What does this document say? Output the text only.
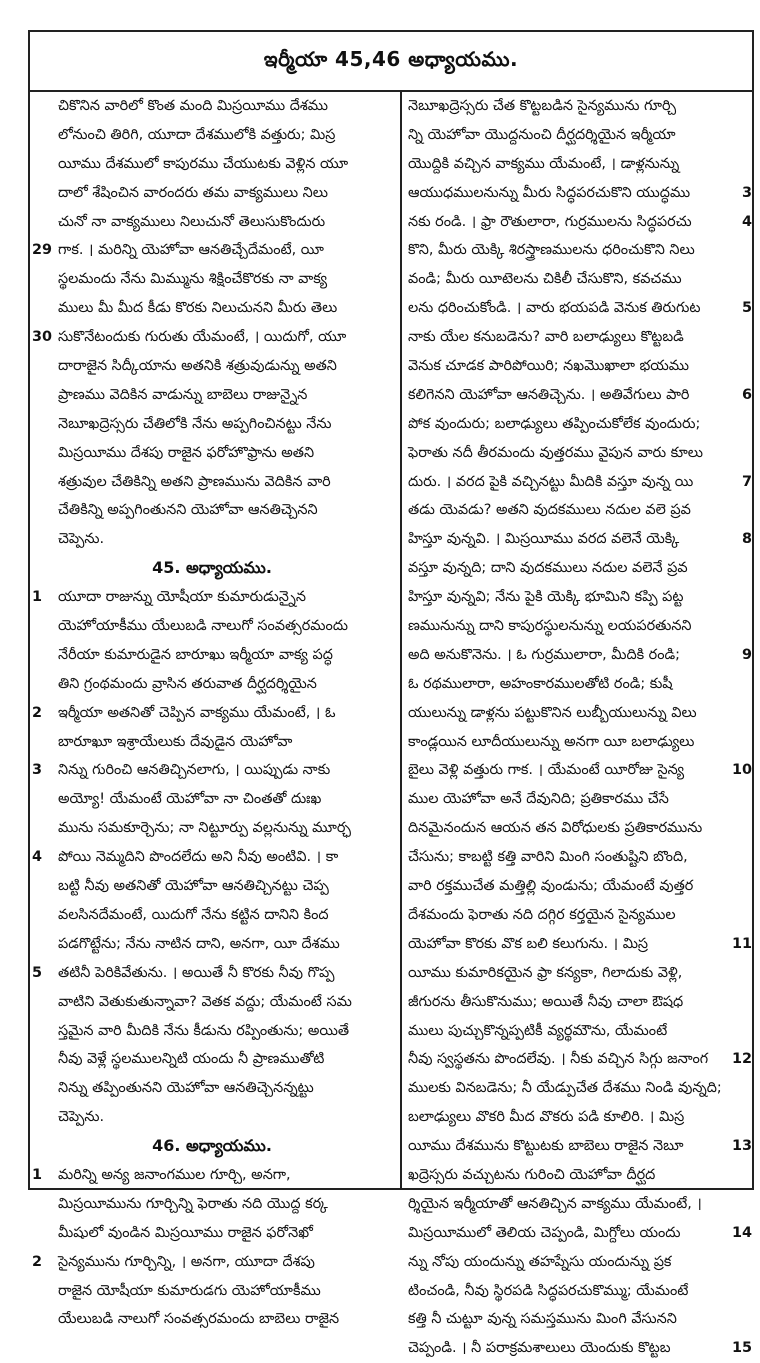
ఇర్మీయా 45,46 అధ్యాయము.
చికొనిన వారిలో కొంత మంది మిస్రయీము దేశము
లోనుంచి తిరిగి, యూదా దేశములోకి వత్తురు; మిస్ర
యీము దేశములో కాపురము చేయుటకు వెళ్లిన యూ
దాలో శేషించిన వారందరు తమ వాక్యములు నిలు
చునో నా వాక్యములు నిలుచునో తెలుసుకొందురు
29 గాక. । మరిన్ని యెహోవా ఆనతిచ్చేదేమంటే, యీ
స్థలమందు నేను మిమ్మును శిక్షించేకొరకు నా వాక్య
ములు మీ మీద కీడు కొరకు నిలుచునని మీరు తెలు
30 సుకొనేటందుకు గురుతు యేమంటే, । యిదుగో, యూ
దారాజైన సిద్కీయాను అతనికి శత్రువుడున్ను అతని
ప్రాణము వెదికిన వాడున్ను బాబెలు రాజున్నైన
నెబూఖద్రెస్సరు చేతిలోకి నేను అప్పగించినట్టు నేను
మిస్రయీము దేశపు రాజైన ఫరోహొఫ్రాను అతని
శత్రువుల చేతికిన్ని అతని ప్రాణమును వెదికిన వారి
చేతికిన్ని అప్పగింతునని యెహోవా ఆనతిచ్చెనని
చెప్పెను.
45. అధ్యాయము.
1 యూదా రాజున్ను యోషీయా కుమారుడున్నైన
యెహోయాకీము యేలుబడి నాలుగో సంవత్సరమందు
నేరీయా కుమారుడైన బారూఖు ఇర్మీయా వాక్య పద్ధ
తిని గ్రంథమందు వ్రాసిన తరువాత దీర్ఘదర్శియైన
2 ఇర్మీయా అతనితో చెప్పిన వాక్యము యేమంటే, । ఓ
బారూఖూ ఇశ్రాయేలుకు దేవుడైన యెహోవా
3 నిన్ను గురించి ఆనతిచ్చినలాగు, । యిప్పుడు నాకు
అయ్యో! యేమంటే యెహోవా నా చింతతో దుఃఖ
మును సమకూర్చెను; నా నిట్టూర్పు వల్లనున్ను మూర్ఛ
4 పోయి నెమ్మదిని పొందలేదు అని నీవు అంటివి. । కా
బట్టి నీవు అతనితో యెహోవా ఆనతిచ్చినట్టు చెప్ప
వలసినదేమంటే, యిదుగో నేను కట్టిన దానిని కింద
పడగొట్టేను; నేను నాటిన దాని, అనగా, యీ దేశము
5 తటినీ పెరికివేతును. । అయితే నీ కొరకు నీవు గొప్ప
వాటిని వెతుకుతున్నావా? వెతక వద్దు; యేమంటే సమ
స్తమైన వారి మీదికి నేను కీడును రప్పింతును; అయితే
నీవు వెళ్లే స్థలములన్నిటి యందు నీ ప్రాణముతోటి
నిన్ను తప్పింతునని యెహోవా ఆనతిచ్చెనన్నట్టు
చెప్పెను.
46. అధ్యాయము.
1 మరిన్ని అన్య జనాంగముల గూర్చి, అనగా,
మిస్రయీమును గూర్చిన్ని ఫెరాతు నది యొద్ద కర్క
మీషులో వుండిన మిస్రయీము రాజైన ఫరోనెఖో
2 సైన్యమును గూర్చిన్ని, । అనగా, యూదా దేశపు
రాజైన యోషీయా కుమారుడగు యెహోయాకీము
యేలుబడి నాలుగో సంవత్సరమందు బాబెలు రాజైన
నెబూఖద్రెస్సరు చేత కొట్టబడిన సైన్యమును గూర్చి
న్ని యెహోవా యొద్దనుంచి దీర్ఘదర్శియైన ఇర్మీయా
యొద్దికి వచ్చిన వాక్యము యేమంటే, । డాళ్లనున్ను
3
ఆయుధములనున్ను మీరు సిద్ధపరచుకొని యుద్ధము
4
నకు రండి. । ఫ్రా రౌతులారా, గుర్రములను సిద్ధపరచు
కొని, మీరు యెక్కి శిరస్త్రాణములను ధరించుకొని నిలు
వండి; మీరు యీటెలను చికిలీ చేసుకొని, కవచము
5
లను ధరించుకోండి. । వారు భయపడి వెనుక తిరుగుట
నాకు యేల కనుబడెను? వారి బలాఢ్యులు కొట్టబడి
వెనుక చూడక పారిపోయిరి; నఖమొఖాలా భయము
6
కలిగెనని యెహోవా ఆనతిచ్చెను. । అతివేగులు పారి
పోక వుందురు; బలాఢ్యులు తప్పించుకోలేక వుందురు;
ఫెరాతు నదీ తీరమందు వుత్తరము వైపున వారు కూలు
7
దురు. । వరద పైకి వచ్చినట్టు మీదికి వస్తూ వున్న యి
తడు యెవడు? అతని వుదకములు నదుల వలె ప్రవ
8
హిస్తూ వున్నవి. । మిస్రయీము వరద వలెనే యెక్కి
వస్తూ వున్నది; దాని వుదకములు నదుల వలెనే ప్రవ
హిస్తూ వున్నవి; నేను పైకి యెక్కి భూమిని కప్పి పట్ట
ణమునున్ను దాని కాపురస్థులనున్ను లయపరతునని
9
అది అనుకొనెను. । ఓ గుర్రములారా, మీదికి రండి;
ఓ రథములారా, అహంకారములతోటి రండి; కుషీ
యులున్ను డాళ్లను పట్టుకొనిన లుబ్బీయులున్ను విలు
కాండ్లయిన లూదీయులున్ను అనగా యీ బలాఢ్యులు
10
బైలు వెళ్లి వత్తురు గాక. । యేమంటే యీరోజు సైన్య
ముల యెహోవా అనే దేవునిది; ప్రతికారము చేసే
దినమైనందున ఆయన తన విరోధులకు ప్రతికారమును
చేసును; కాబట్టి కత్తి వారిని మింగి సంతుష్టిని బొంది,
వారి రక్తముచేత మత్తిల్లి వుండును; యేమంటే వుత్తర
దేశమందు ఫెరాతు నది దగ్గిర కర్తయైన సైన్యముల
11
యెహోవా కొరకు వొక బలి కలుగును. । మిస్ర
యీము కుమారికయైన ఫ్రా కన్యకా, గిలాదుకు వెళ్లి,
జీగురను తీసుకొనుము; అయితే నీవు చాలా ఔషధ
ములు పుచ్చుకొన్నప్పటికీ వ్యర్థమౌను, యేమంటే
12
నీవు స్వస్థతను పొందలేవు. । నీకు వచ్చిన సిగ్గు జనాంగ
ములకు వినబడెను; నీ యేడ్పుచేత దేశము నిండి వున్నది;
బలాఢ్యులు వొకరి మీద వొకరు పడి కూలిరి. । మిస్ర
13
యీము దేశమును కొట్టుటకు బాబెలు రాజైన నెబూ
ఖద్రెస్సరు వచ్చుటను గురించి యెహోవా దీర్ఘద
ర్శియైన ఇర్మీయాతో ఆనతిచ్చిన వాక్యము యేమంటే, ।
14
మిస్రయీములో తెలియ చెప్పండి, మిగ్దోలు యందు
న్ను నోపు యందున్ను తహప్నేసు యందున్ను ప్రక
టించండి, నీవు స్థిరపడి సిద్ధపరచుకొమ్ము; యేమంటే
కత్తి నీ చుట్టూ వున్న సమస్తమును మింగి వేసునని
15
చెప్పండి. । నీ పరాక్రమశాలులు యెందుకు కొట్టబ
